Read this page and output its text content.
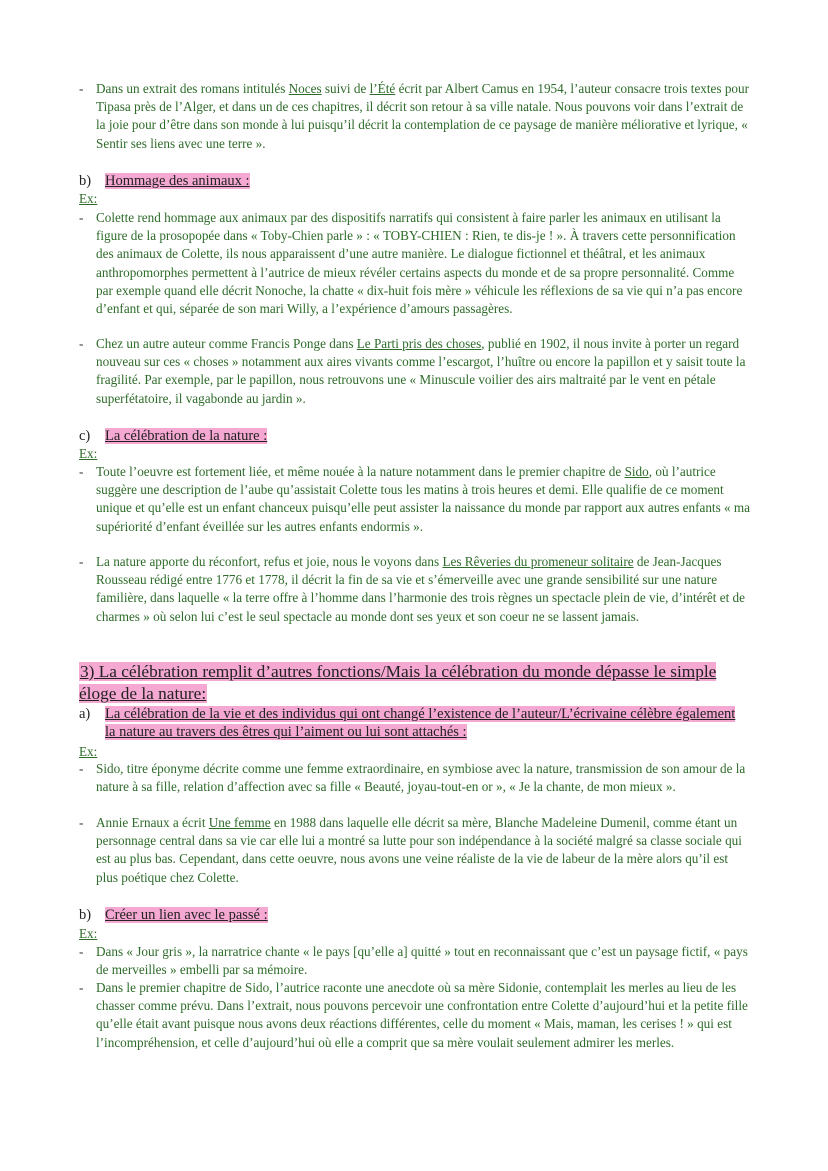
- Dans un extrait des romans intitulés Noces suivi de l’Été écrit par Albert Camus en 1954, l’auteur consacre trois textes pour Tipasa près de l’Alger, et dans un de ces chapitres, il décrit son retour à sa ville natale. Nous pouvons voir dans l’extrait de la joie pour d’être dans son monde à lui puisqu’il décrit la contemplation de ce paysage de manière méliorative et lyrique, « Sentir ses liens avec une terre ».
b) Hommage des animaux :
Ex:
- Colette rend hommage aux animaux par des dispositifs narratifs qui consistent à faire parler les animaux en utilisant la figure de la prosopopée dans « Toby-Chien parle » : « TOBY-CHIEN : Rien, te dis-je ! ». À travers cette personnification des animaux de Colette, ils nous apparaissent d’une autre manière. Le dialogue fictionnel et théâtral, et les animaux anthropomorphes permettent à l’autrice de mieux révéler certains aspects du monde et de sa propre personnalité. Comme par exemple quand elle décrit Nonoche, la chatte « dix-huit fois mère » véhicule les réflexions de sa vie qui n’a pas encore d’enfant et qui, séparée de son mari Willy, a l’expérience d’amours passagères.
- Chez un autre auteur comme Francis Ponge dans Le Parti pris des choses, publié en 1902, il nous invite à porter un regard nouveau sur ces « choses » notamment aux aires vivants comme l’escargot, l’huître ou encore la papillon et y saisit toute la fragilité. Par exemple, par le papillon, nous retrouvons une « Minuscule voilier des airs maltraité par le vent en pétale superfétatoire, il vagabonde au jardin ».
c) La célébration de la nature :
Ex:
- Toute l’oeuvre est fortement liée, et même nouée à la nature notamment dans le premier chapitre de Sido, où l’autrice suggère une description de l’aube qu’assistait Colette tous les matins à trois heures et demi. Elle qualifie de ce moment unique et qu’elle est un enfant chanceux puisqu’elle peut assister la naissance du monde par rapport aux autres enfants « ma supériorité d’enfant éveillée sur les autres enfants endormis ».
- La nature apporte du réconfort, refus et joie, nous le voyons dans Les Rêveries du promeneur solitaire de Jean-Jacques Rousseau rédigé entre 1776 et 1778, il décrit la fin de sa vie et s’émerveille avec une grande sensibilité sur une nature familière, dans laquelle « la terre offre à l’homme dans l’harmonie des trois règnes un spectacle plein de vie, d’intérêt et de charmes » où selon lui c’est le seul spectacle au monde dont ses yeux et son coeur ne se lassent jamais.
3) La célébration remplit d’autres fonctions/Mais la célébration du monde dépasse le simple éloge de la nature:
a) La célébration de la vie et des individus qui ont changé l’existence de l’auteur/L’écrivaine célèbre également la nature au travers des êtres qui l’aiment ou lui sont attachés :
Ex:
- Sido, titre éponyme décrite comme une femme extraordinaire, en symbiose avec la nature, transmission de son amour de la nature à sa fille, relation d’affection avec sa fille « Beauté, joyau-tout-en or », « Je la chante, de mon mieux ».
- Annie Ernaux a écrit Une femme en 1988 dans laquelle elle décrit sa mère, Blanche Madeleine Dumenil, comme étant un personnage central dans sa vie car elle lui a montré sa lutte pour son indépendance à la société malgré sa classe sociale qui est au plus bas. Cependant, dans cette oeuvre, nous avons une veine réaliste de la vie de labeur de la mère alors qu’il est plus poétique chez Colette.
b) Créer un lien avec le passé :
Ex:
- Dans « Jour gris », la narratrice chante « le pays [qu’elle a] quitté » tout en reconnaissant que c’est un paysage fictif, « pays de merveilles » embelli par sa mémoire.
- Dans le premier chapitre de Sido, l’autrice raconte une anecdote où sa mère Sidonie, contemplait les merles au lieu de les chasser comme prévu. Dans l’extrait, nous pouvons percevoir une confrontation entre Colette d’aujourd’hui et la petite fille qu’elle était avant puisque nous avons deux réactions différentes, celle du moment « Mais, maman, les cerises ! » qui est l’incompréhension, et celle d’aujourd’hui où elle a comprit que sa mère voulait seulement admirer les merles.
